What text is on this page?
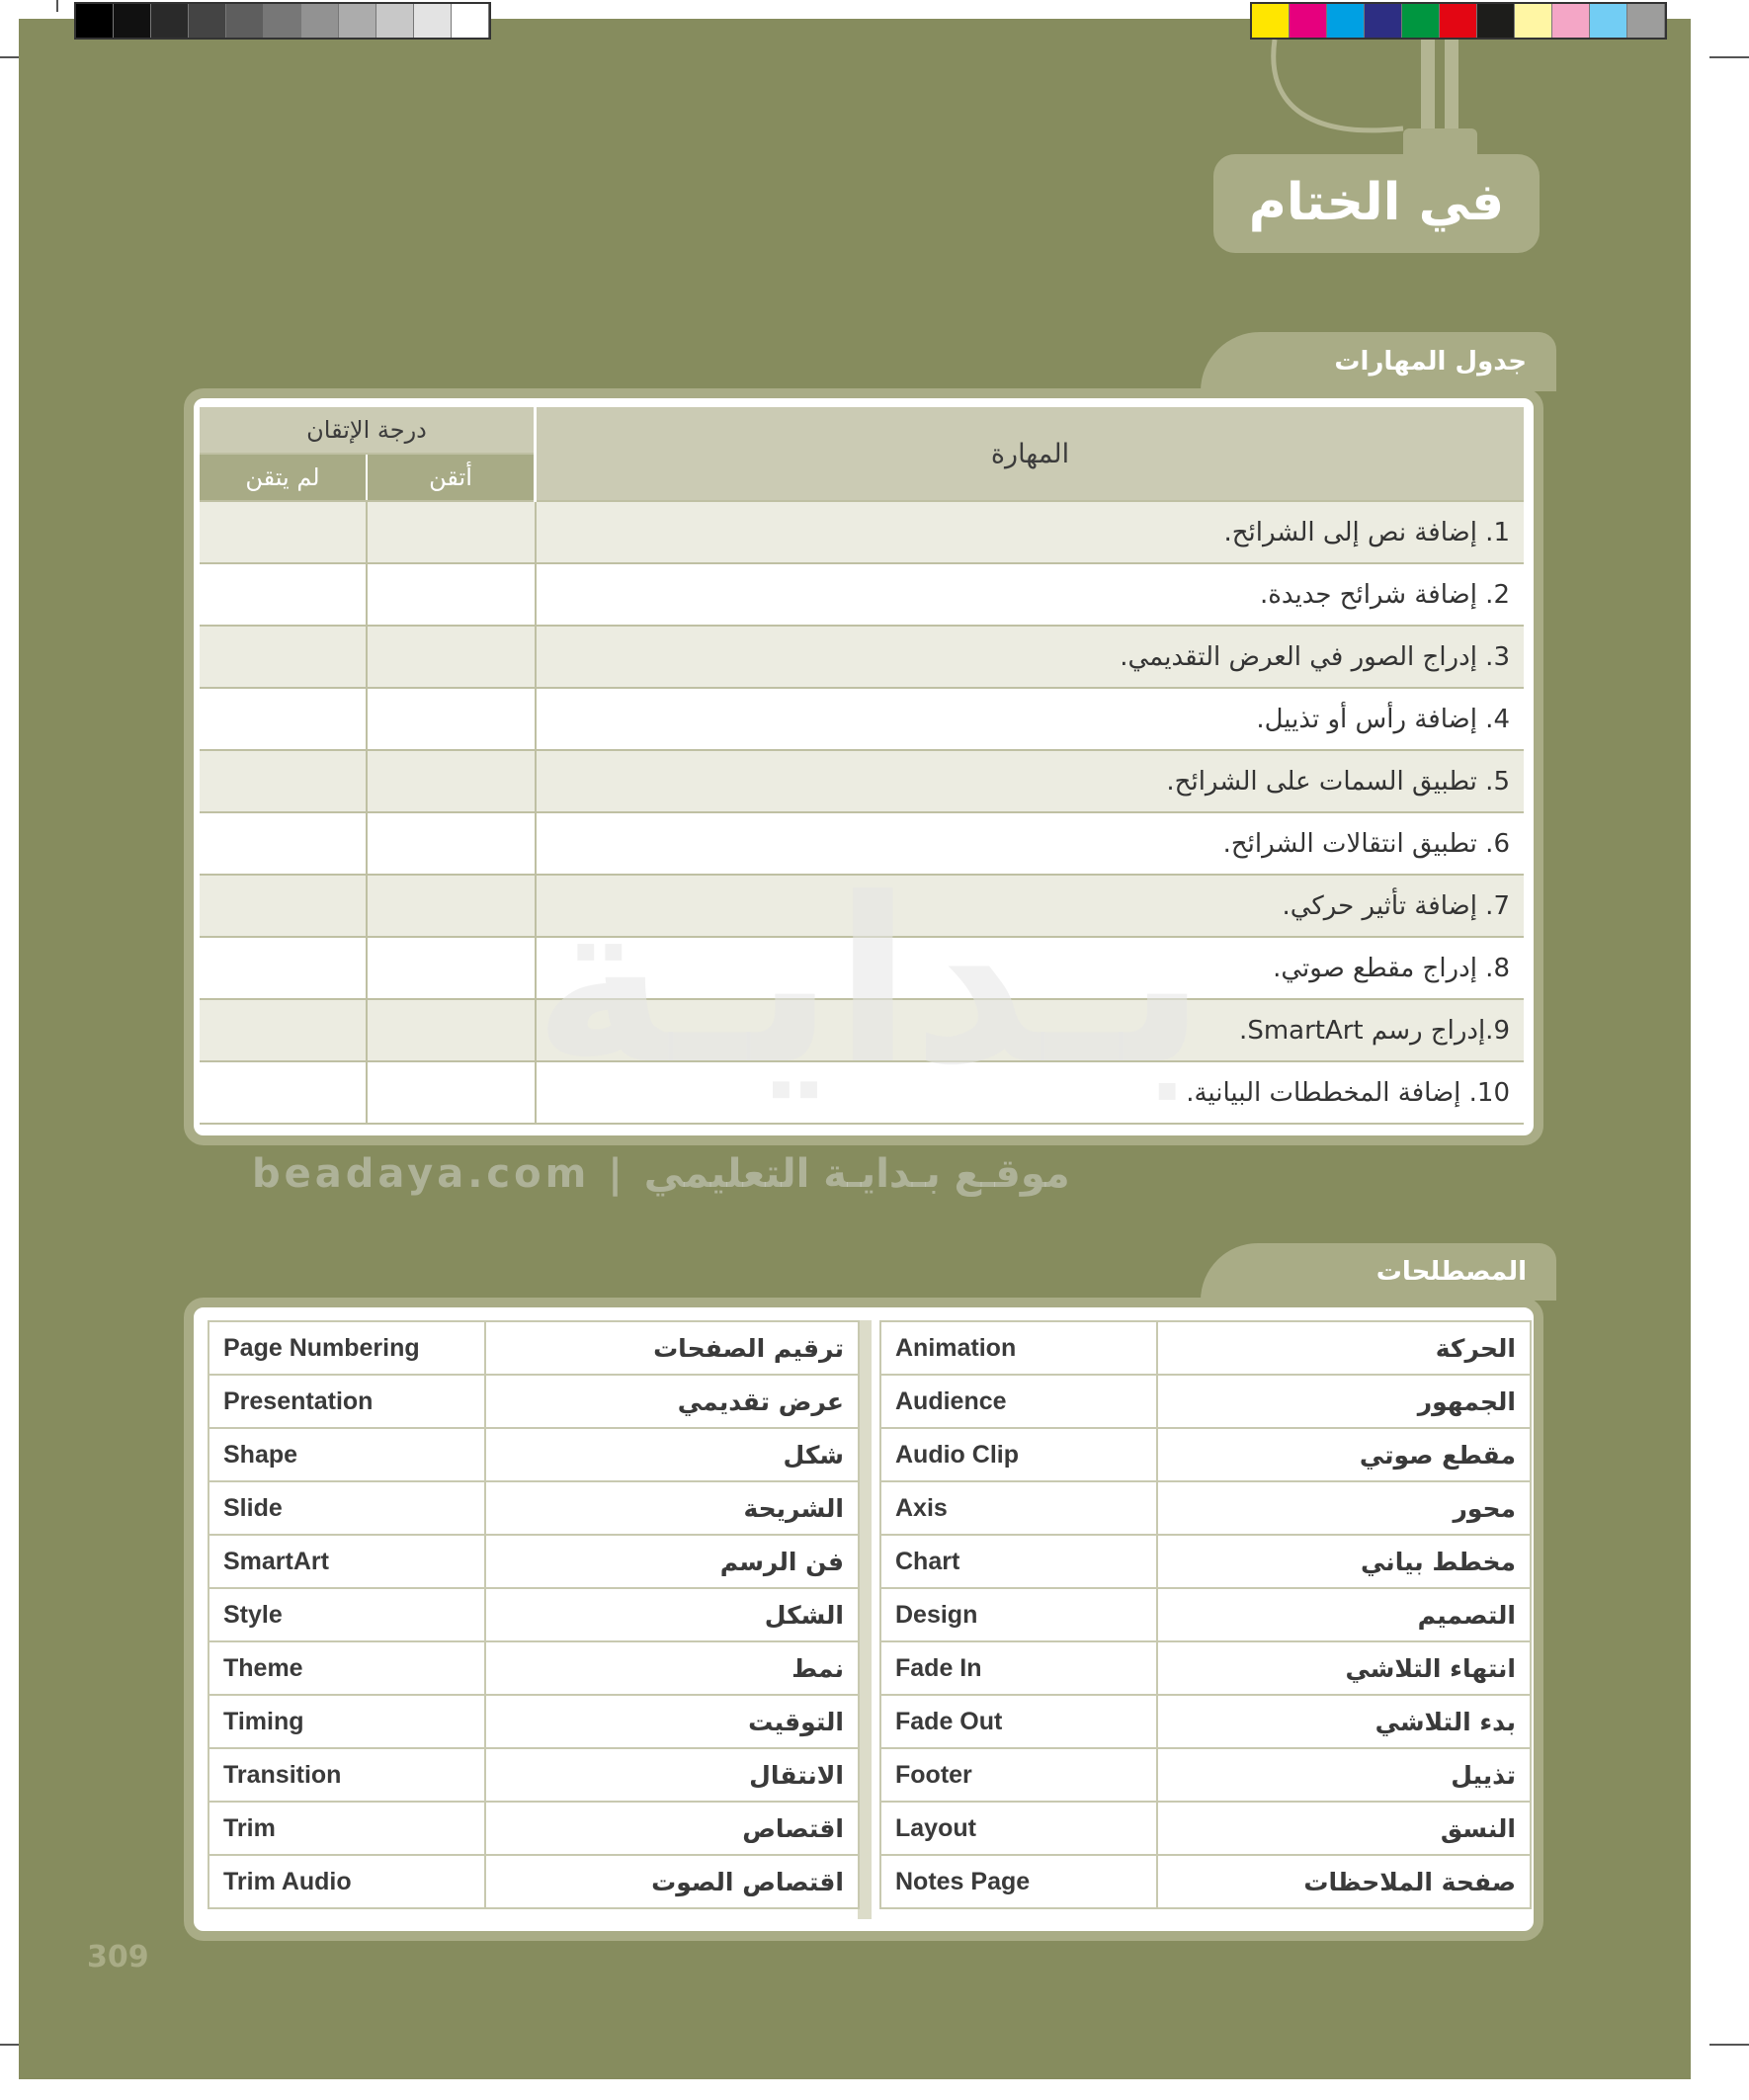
في الختام
جدول المهارات
درجة الإتقان		المهارة
لم يتقن	أتقن	
		1. إضافة نص إلى الشرائح.
		2. إضافة شرائح جديدة.
		3. إدراج الصور في العرض التقديمي.
		4. إضافة رأس أو تذييل.
		5. تطبيق السمات على الشرائح.
		6. تطبيق انتقالات الشرائح.
		7. إضافة تأثير حركي.
		8. إدراج مقطع صوتي.
		9.إدراج رسم SmartArt.
		10. إضافة المخططات البيانية.
بـدايـة
beadaya.com | موقـع بـدايـة التعليمي
المصطلحات
Animation	الحركة
Audience	الجمهور
Audio Clip	مقطع صوتي
Axis	محور
Chart	مخطط بياني
Design	التصميم
Fade In	انتهاء التلاشي
Fade Out	بدء التلاشي
Footer	تذييل
Layout	النسق
Notes Page	صفحة الملاحظات
Page Numbering	ترقيم الصفحات
Presentation	عرض تقديمي
Shape	شكل
Slide	الشريحة
SmartArt	فن الرسم
Style	الشكل
Theme	نمط
Timing	التوقيت
Transition	الانتقال
Trim	اقتصاص
Trim Audio	اقتصاص الصوت
309
